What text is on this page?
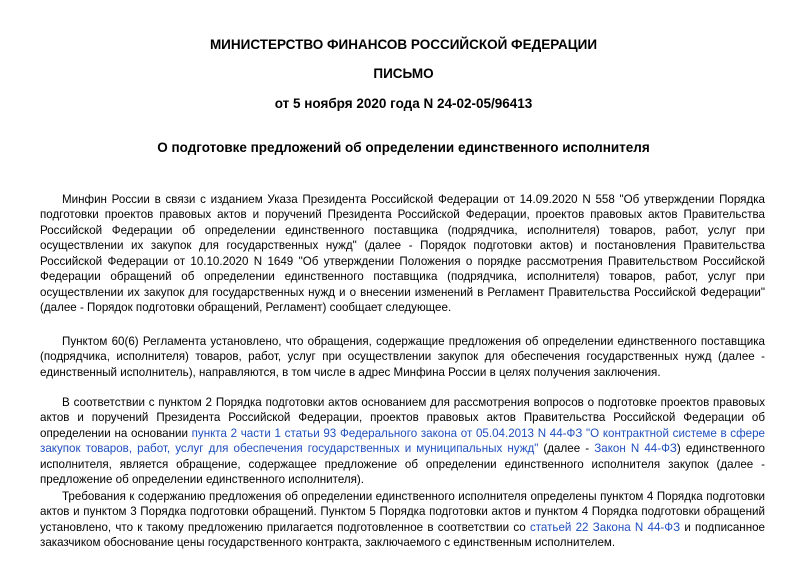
МИНИСТЕРСТВО ФИНАНСОВ РОССИЙСКОЙ ФЕДЕРАЦИИ
ПИСЬМО
от 5 ноября 2020 года N 24-02-05/96413
О подготовке предложений об определении единственного исполнителя

Минфин России в связи с изданием Указа Президента Российской Федерации от 14.09.2020 N 558 "Об утверждении Порядка подготовки проектов правовых актов и поручений Президента Российской Федерации, проектов правовых актов Правительства Российской Федерации об определении единственного поставщика (подрядчика, исполнителя) товаров, работ, услуг при осуществлении их закупок для государственных нужд" (далее - Порядок подготовки актов) и постановления Правительства Российской Федерации от 10.10.2020 N 1649 "Об утверждении Положения о порядке рассмотрения Правительством Российской Федерации обращений об определении единственного поставщика (подрядчика, исполнителя) товаров, работ, услуг при осуществлении их закупок для государственных нужд и о внесении изменений в Регламент Правительства Российской Федерации" (далее - Порядок подготовки обращений, Регламент) сообщает следующее.

Пунктом 60(6) Регламента установлено, что обращения, содержащие предложения об определении единственного поставщика (подрядчика, исполнителя) товаров, работ, услуг при осуществлении закупок для обеспечения государственных нужд (далее - единственный исполнитель), направляются, в том числе в адрес Минфина России в целях получения заключения.

В соответствии с пунктом 2 Порядка подготовки актов основанием для рассмотрения вопросов о подготовке проектов правовых актов и поручений Президента Российской Федерации, проектов правовых актов Правительства Российской Федерации об определении на основании пункта 2 части 1 статьи 93 Федерального закона от 05.04.2013 N 44-ФЗ "О контрактной системе в сфере закупок товаров, работ, услуг для обеспечения государственных и муниципальных нужд" (далее - Закон N 44-ФЗ) единственного исполнителя, является обращение, содержащее предложение об определении единственного исполнителя закупок (далее - предложение об определении единственного исполнителя).

Требования к содержанию предложения об определении единственного исполнителя определены пунктом 4 Порядка подготовки актов и пунктом 3 Порядка подготовки обращений. Пунктом 5 Порядка подготовки актов и пунктом 4 Порядка подготовки обращений установлено, что к такому предложению прилагается подготовленное в соответствии со статьей 22 Закона N 44-ФЗ и подписанное заказчиком обоснование цены государственного контракта, заключаемого с единственным исполнителем.
